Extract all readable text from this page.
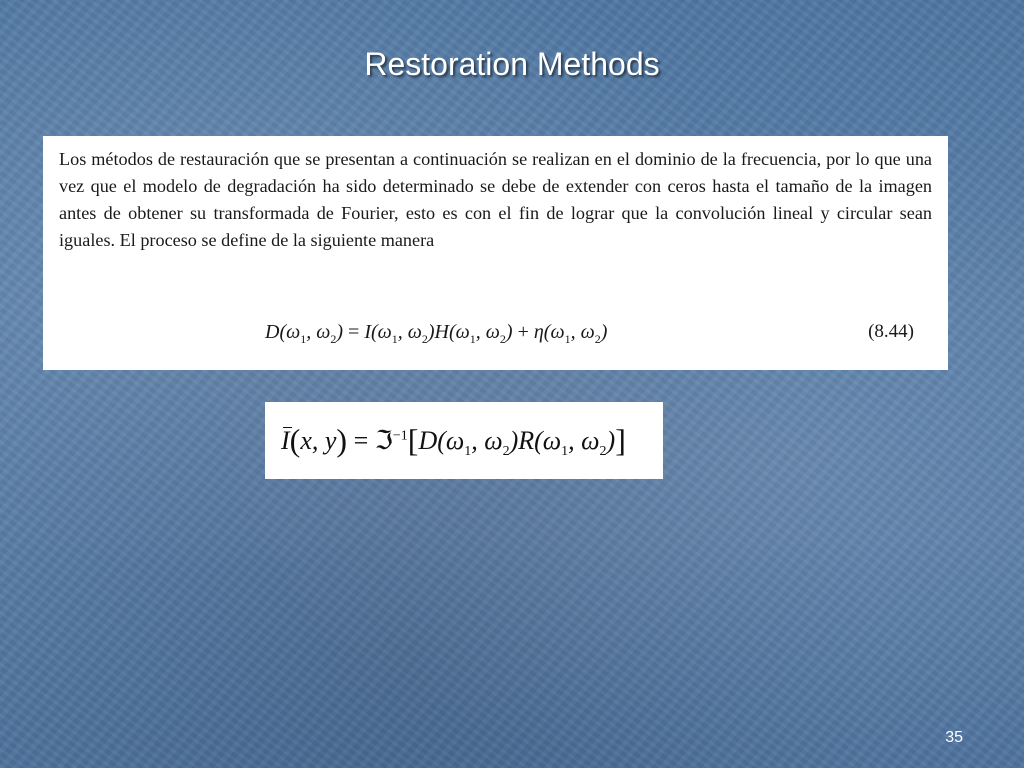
Restoration Methods

Los métodos de restauración que se presentan a continuación se realizan en el dominio de la frecuencia, por lo que una vez que el modelo de degradación ha sido determinado se debe de extender con ceros hasta el tamaño de la imagen antes de obtener su transformada de Fourier, esto es con el fin de lograr que la convolución lineal y circular sean iguales. El proceso se define de la siguiente manera

$D(\omega_1$, $\omega_2) = I(\omega_1$, $\omega_2)H(\omega_1$, $\omega_2) + \eta(\omega_1$, $\omega_2$)	(8.44)
I(x, $y) = ℑ^{-1}[D(\omega_1$, $\omega_2)R(\omega_1$, $\omega_2$)]
35
